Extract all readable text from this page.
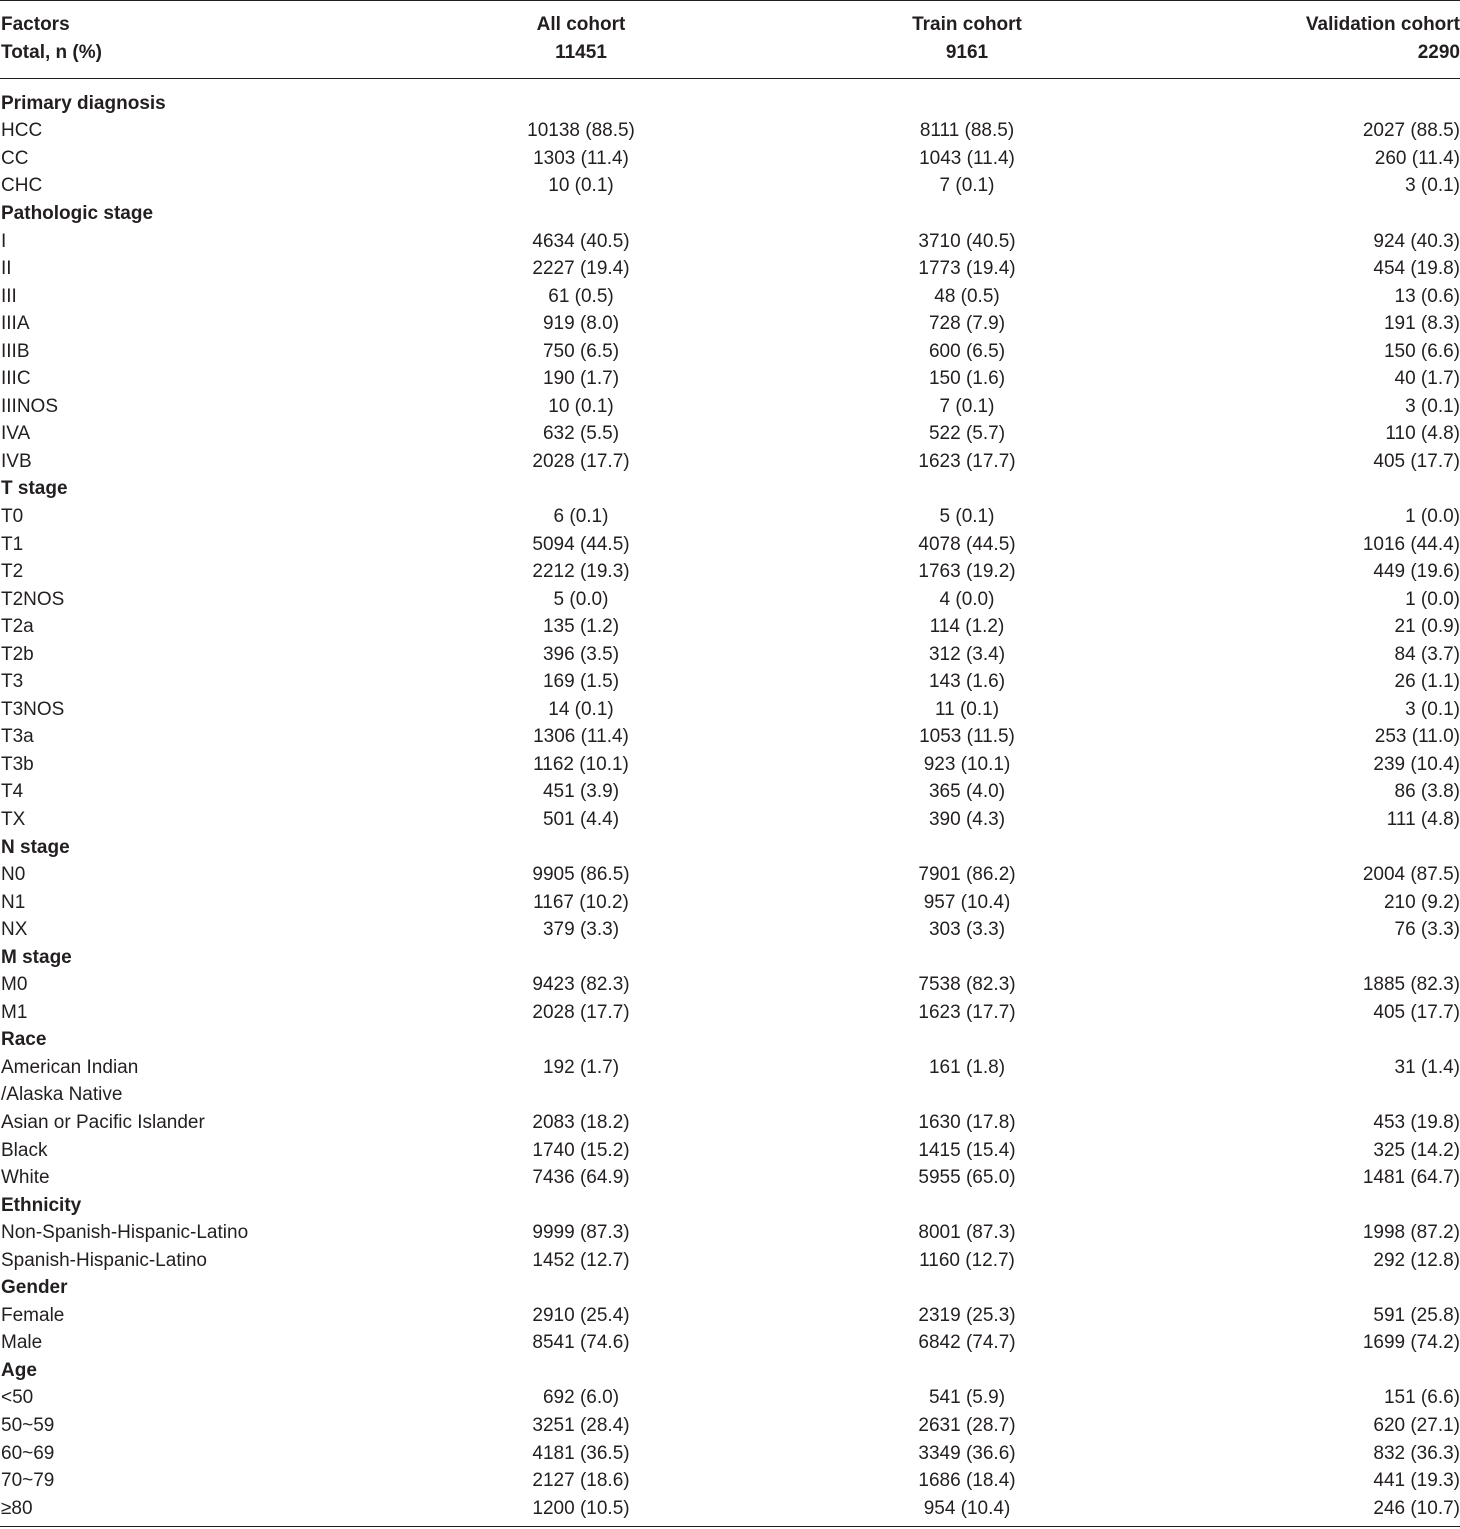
Factors	All cohort	Train cohort	Validation cohort
Total, n (%)	11451	9161	2290
Primary diagnosis
HCC	10138 (88.5)	8111 (88.5)	2027 (88.5)
CC	1303 (11.4)	1043 (11.4)	260 (11.4)
CHC	10 (0.1)	7 (0.1)	3 (0.1)
Pathologic stage
I	4634 (40.5)	3710 (40.5)	924 (40.3)
II	2227 (19.4)	1773 (19.4)	454 (19.8)
III	61 (0.5)	48 (0.5)	13 (0.6)
IIIA	919 (8.0)	728 (7.9)	191 (8.3)
IIIB	750 (6.5)	600 (6.5)	150 (6.6)
IIIC	190 (1.7)	150 (1.6)	40 (1.7)
IIINOS	10 (0.1)	7 (0.1)	3 (0.1)
IVA	632 (5.5)	522 (5.7)	110 (4.8)
IVB	2028 (17.7)	1623 (17.7)	405 (17.7)
T stage
T0	6 (0.1)	5 (0.1)	1 (0.0)
T1	5094 (44.5)	4078 (44.5)	1016 (44.4)
T2	2212 (19.3)	1763 (19.2)	449 (19.6)
T2NOS	5 (0.0)	4 (0.0)	1 (0.0)
T2a	135 (1.2)	114 (1.2)	21 (0.9)
T2b	396 (3.5)	312 (3.4)	84 (3.7)
T3	169 (1.5)	143 (1.6)	26 (1.1)
T3NOS	14 (0.1)	11 (0.1)	3 (0.1)
T3a	1306 (11.4)	1053 (11.5)	253 (11.0)
T3b	1162 (10.1)	923 (10.1)	239 (10.4)
T4	451 (3.9)	365 (4.0)	86 (3.8)
TX	501 (4.4)	390 (4.3)	111 (4.8)
N stage
N0	9905 (86.5)	7901 (86.2)	2004 (87.5)
N1	1167 (10.2)	957 (10.4)	210 (9.2)
NX	379 (3.3)	303 (3.3)	76 (3.3)
M stage
M0	9423 (82.3)	7538 (82.3)	1885 (82.3)
M1	2028 (17.7)	1623 (17.7)	405 (17.7)
Race
American Indian	192 (1.7)	161 (1.8)	31 (1.4)
/Alaska Native
Asian or Pacific Islander	2083 (18.2)	1630 (17.8)	453 (19.8)
Black	1740 (15.2)	1415 (15.4)	325 (14.2)
White	7436 (64.9)	5955 (65.0)	1481 (64.7)
Ethnicity
Non-Spanish-Hispanic-Latino	9999 (87.3)	8001 (87.3)	1998 (87.2)
Spanish-Hispanic-Latino	1452 (12.7)	1160 (12.7)	292 (12.8)
Gender
Female	2910 (25.4)	2319 (25.3)	591 (25.8)
Male	8541 (74.6)	6842 (74.7)	1699 (74.2)
Age
<50	692 (6.0)	541 (5.9)	151 (6.6)
50~59	3251 (28.4)	2631 (28.7)	620 (27.1)
60~69	4181 (36.5)	3349 (36.6)	832 (36.3)
70~79	2127 (18.6)	1686 (18.4)	441 (19.3)
≥80	1200 (10.5)	954 (10.4)	246 (10.7)
